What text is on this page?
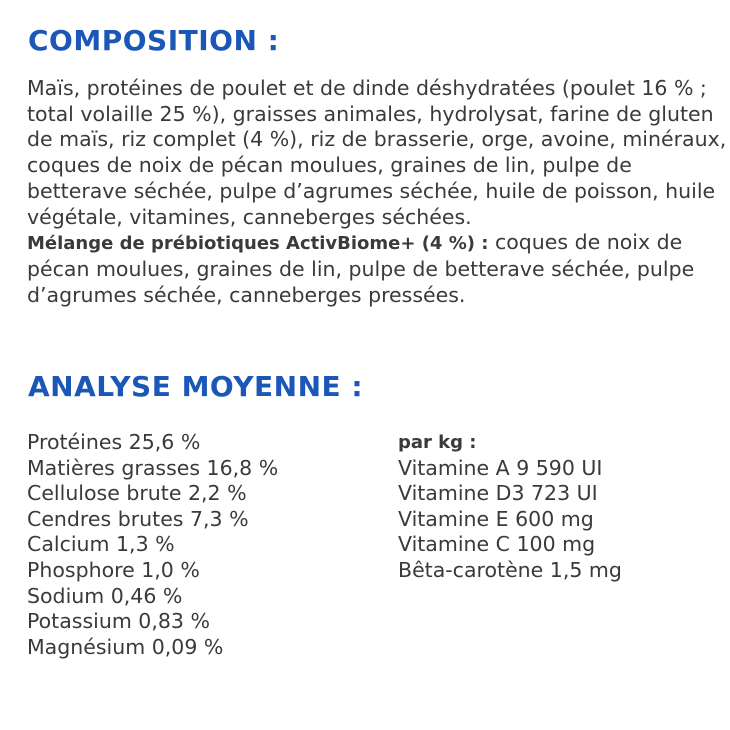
COMPOSITION :

Maïs, protéines de poulet et de dinde déshydratées (poulet 16 % ; total volaille 25 %), graisses animales, hydrolysat, farine de gluten de maïs, riz complet (4 %), riz de brasserie, orge, avoine, minéraux, coques de noix de pécan moulues, graines de lin, pulpe de betterave séchée, pulpe d’agrumes séchée, huile de poisson, huile végétale, vitamines, canneberges séchées.

Mélange de prébiotiques ActivBiome+ (4 %) : coques de noix de pécan moulues, graines de lin, pulpe de betterave séchée, pulpe d’agrumes séchée, canneberges pressées.

ANALYSE MOYENNE :
Protéines 25,6 %
Matières grasses 16,8 %
Cellulose brute 2,2 %
Cendres brutes 7,3 %
Calcium 1,3 %
Phosphore 1,0 %
Sodium 0,46 %
Potassium 0,83 %
Magnésium 0,09 %
par kg :
Vitamine A 9 590 UI
Vitamine D3 723 UI
Vitamine E 600 mg
Vitamine C 100 mg
Bêta-carotène 1,5 mg
